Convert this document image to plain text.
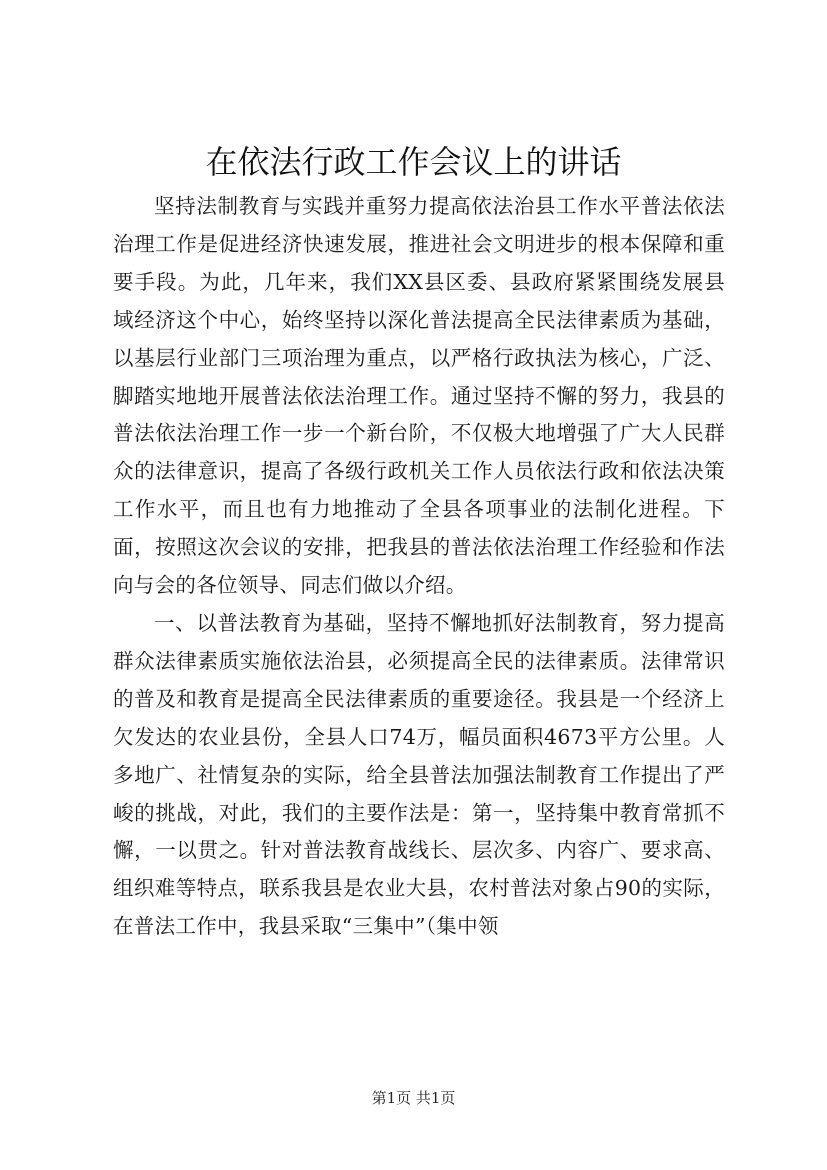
在依法行政工作会议上的讲话

坚持法制教育与实践并重努力提高依法治县工作水平普法依法治理工作是促进经济快速发展，推进社会文明进步的根本保障和重要手段。为此，几年来，我们XX县区委、县政府紧紧围绕发展县域经济这个中心，始终坚持以深化普法提高全民法律素质为基础，以基层行业部门三项治理为重点，以严格行政执法为核心，广泛、脚踏实地地开展普法依法治理工作。通过坚持不懈的努力，我县的普法依法治理工作一步一个新台阶，不仅极大地增强了广大人民群众的法律意识，提高了各级行政机关工作人员依法行政和依法决策工作水平，而且也有力地推动了全县各项事业的法制化进程。下面，按照这次会议的安排，把我县的普法依法治理工作经验和作法向与会的各位领导、同志们做以介绍。

一、以普法教育为基础，坚持不懈地抓好法制教育，努力提高群众法律素质实施依法治县，必须提高全民的法律素质。法律常识的普及和教育是提高全民法律素质的重要途径。我县是一个经济上欠发达的农业县份，全县人口74万，幅员面积4673平方公里。人多地广、社情复杂的实际，给全县普法加强法制教育工作提出了严峻的挑战，对此，我们的主要作法是：第一，坚持集中教育常抓不懈，一以贯之。针对普法教育战线长、层次多、内容广、要求高、组织难等特点，联系我县是农业大县，农村普法对象占90的实际，在普法工作中，我县采取“三集中”（集中领

第1页 共1页
